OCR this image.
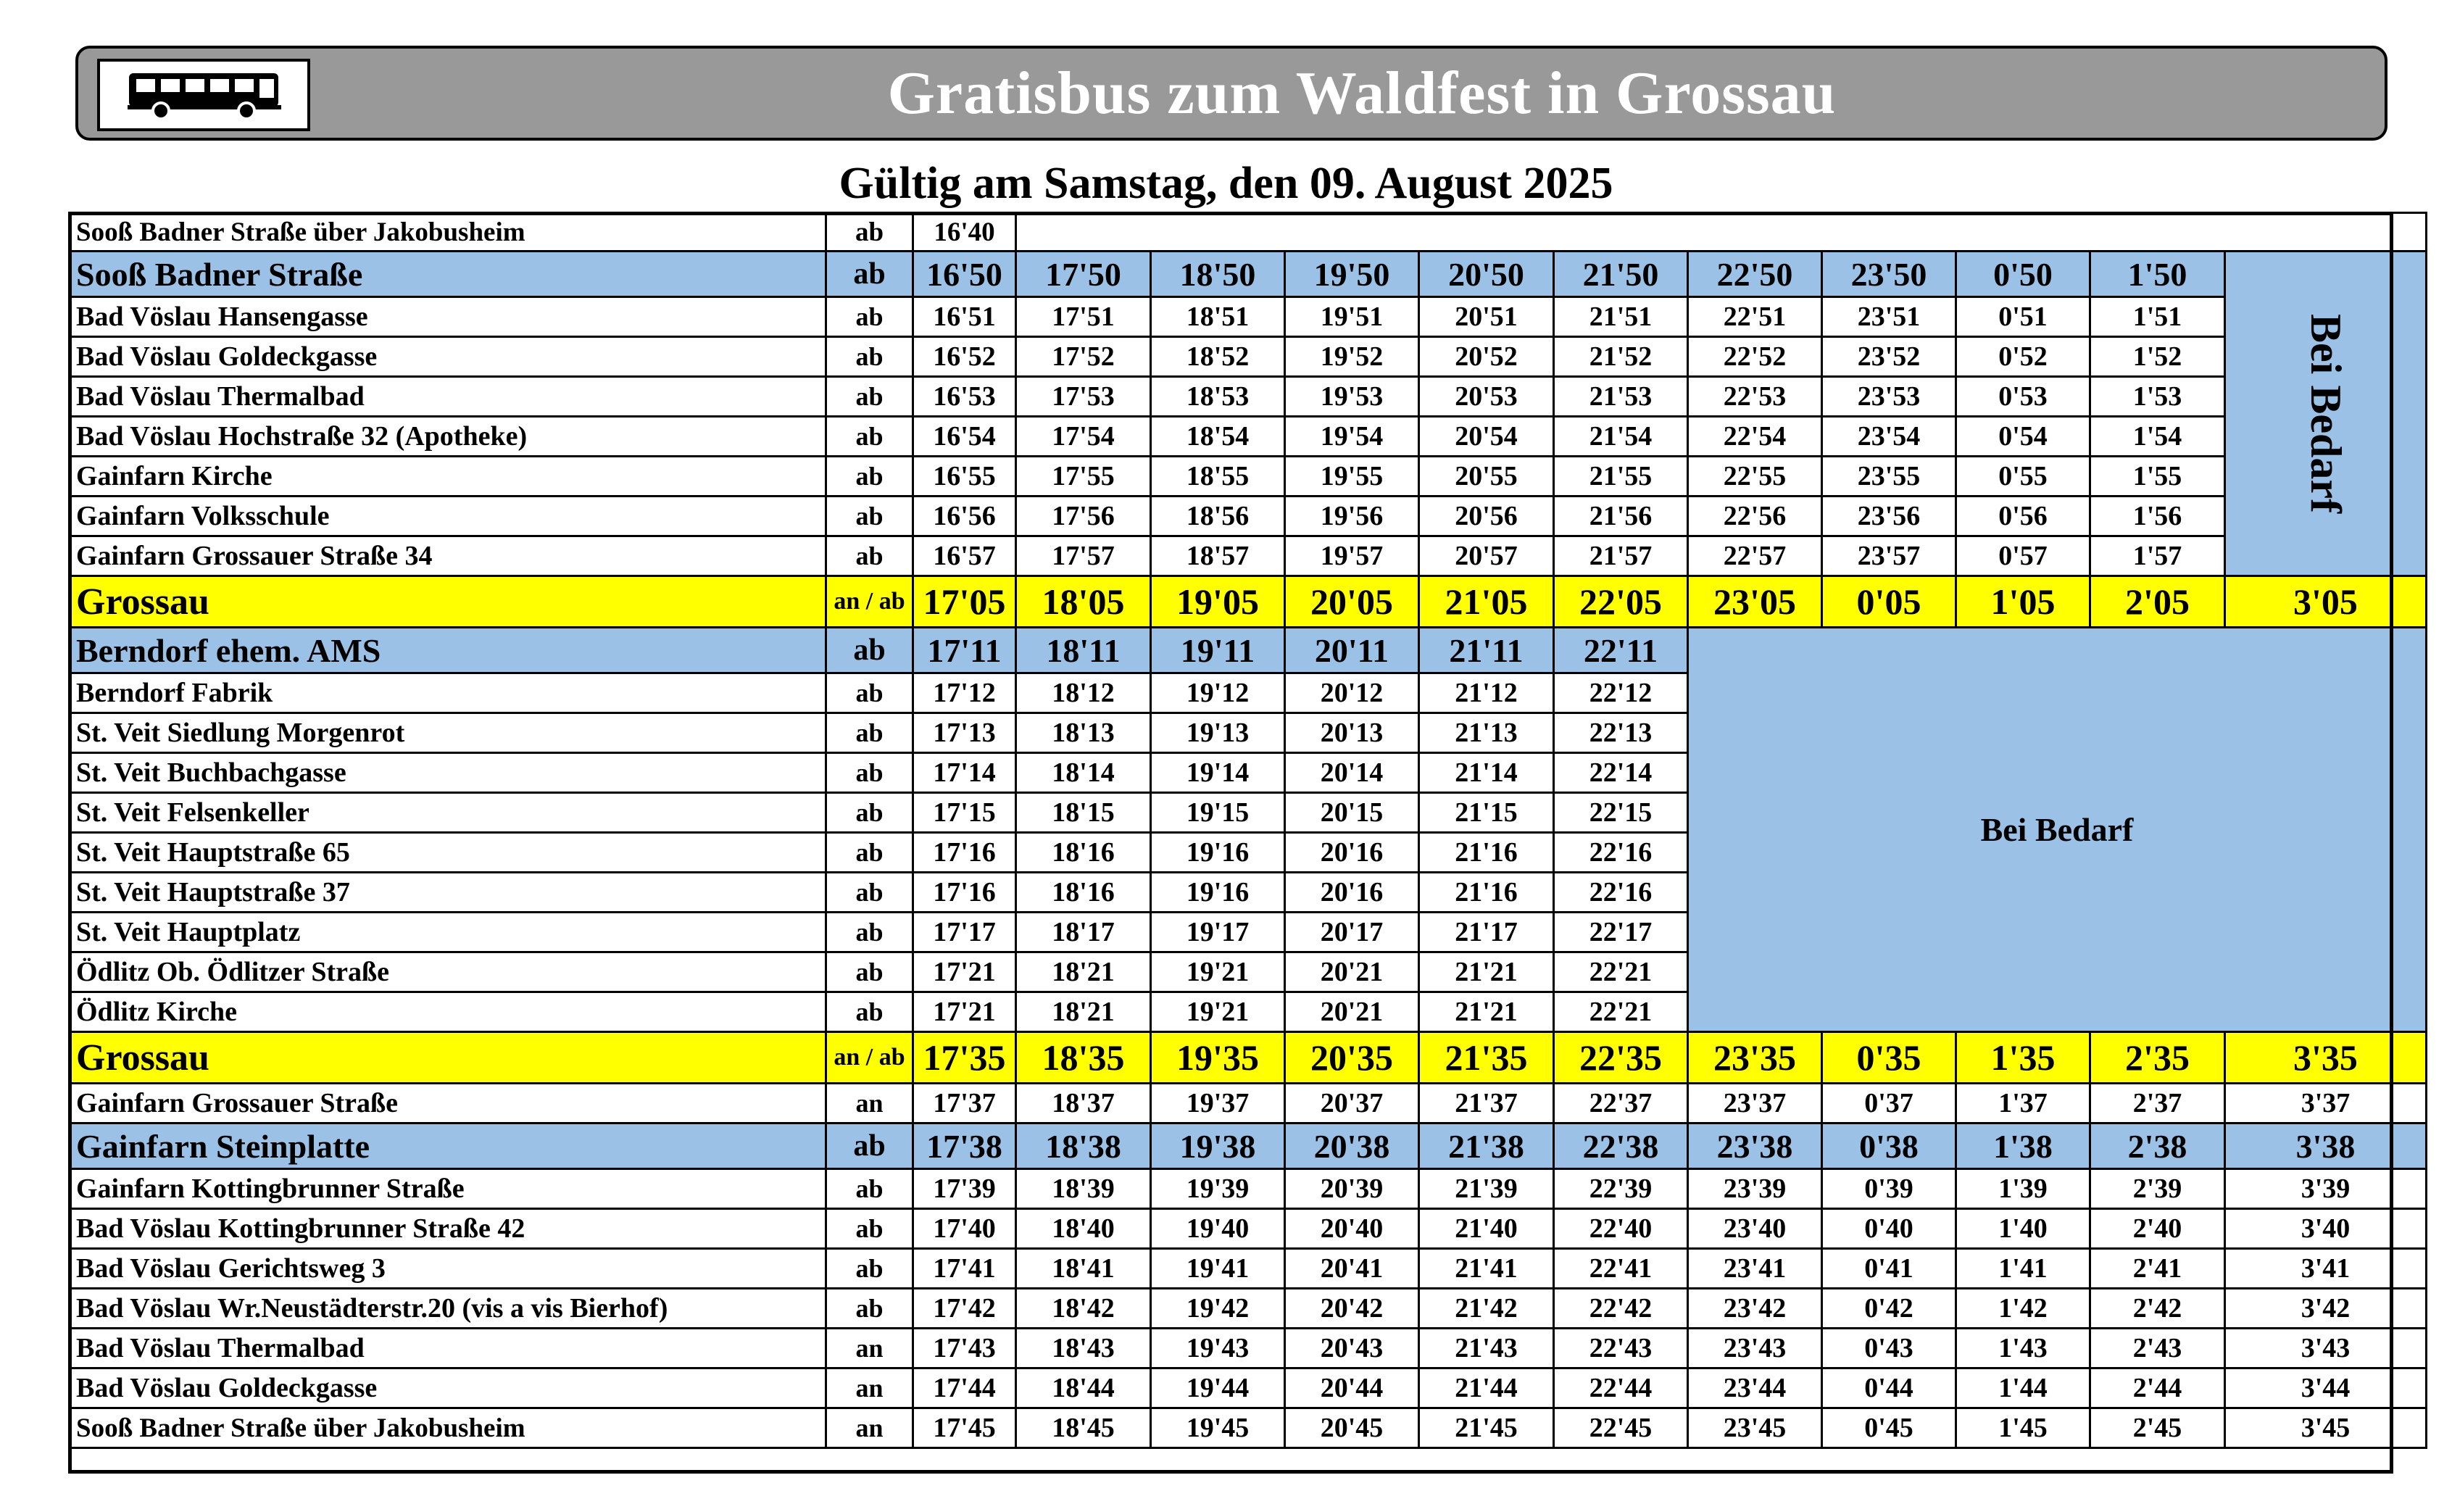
Gratisbus zum Waldfest in Grossau
Gültig am Samstag, den 09. August 2025
Sooß Badner Straße über Jakobusheim	ab	16'40										
Sooß Badner Straße	ab	16'50	17'50	18'50	19'50	20'50	21'50	22'50	23'50	0'50	1'50	Bei Bedarf

Bad Vöslau Hansengasse	ab	16'51	17'51	18'51	19'51	20'51	21'51	22'51	23'51	0'51	1'51	
Bad Vöslau Goldeckgasse	ab	16'52	17'52	18'52	19'52	20'52	21'52	22'52	23'52	0'52	1'52	
Bad Vöslau Thermalbad	ab	16'53	17'53	18'53	19'53	20'53	21'53	22'53	23'53	0'53	1'53	
Bad Vöslau Hochstraße 32 (Apotheke)	ab	16'54	17'54	18'54	19'54	20'54	21'54	22'54	23'54	0'54	1'54	
Gainfarn Kirche	ab	16'55	17'55	18'55	19'55	20'55	21'55	22'55	23'55	0'55	1'55	
Gainfarn Volksschule	ab	16'56	17'56	18'56	19'56	20'56	21'56	22'56	23'56	0'56	1'56	
Gainfarn Grossauer Straße 34	ab	16'57	17'57	18'57	19'57	20'57	21'57	22'57	23'57	0'57	1'57	
Grossau	an / ab	17'05	18'05	19'05	20'05	21'05	22'05	23'05	0'05	1'05	2'05	3'05
Berndorf ehem. AMS	ab	17'11	18'11	19'11	20'11	21'11	22'11	Bei Bedarf				
Berndorf Fabrik	ab	17'12	18'12	19'12	20'12	21'12	22'12					
St. Veit Siedlung Morgenrot	ab	17'13	18'13	19'13	20'13	21'13	22'13					
St. Veit Buchbachgasse	ab	17'14	18'14	19'14	20'14	21'14	22'14					
St. Veit Felsenkeller	ab	17'15	18'15	19'15	20'15	21'15	22'15					
St. Veit Hauptstraße 65	ab	17'16	18'16	19'16	20'16	21'16	22'16					
St. Veit Hauptstraße 37	ab	17'16	18'16	19'16	20'16	21'16	22'16					
St. Veit Hauptplatz	ab	17'17	18'17	19'17	20'17	21'17	22'17					
Ödlitz Ob. Ödlitzer Straße	ab	17'21	18'21	19'21	20'21	21'21	22'21					
Ödlitz Kirche	ab	17'21	18'21	19'21	20'21	21'21	22'21					
Grossau	an / ab	17'35	18'35	19'35	20'35	21'35	22'35	23'35	0'35	1'35	2'35	3'35
Gainfarn Grossauer Straße	an	17'37	18'37	19'37	20'37	21'37	22'37	23'37	0'37	1'37	2'37	3'37
Gainfarn Steinplatte	ab	17'38	18'38	19'38	20'38	21'38	22'38	23'38	0'38	1'38	2'38	3'38
Gainfarn Kottingbrunner Straße	ab	17'39	18'39	19'39	20'39	21'39	22'39	23'39	0'39	1'39	2'39	3'39
Bad Vöslau Kottingbrunner Straße 42	ab	17'40	18'40	19'40	20'40	21'40	22'40	23'40	0'40	1'40	2'40	3'40
Bad Vöslau Gerichtsweg 3	ab	17'41	18'41	19'41	20'41	21'41	22'41	23'41	0'41	1'41	2'41	3'41
Bad Vöslau Wr.Neustädterstr.20 (vis a vis Bierhof)	ab	17'42	18'42	19'42	20'42	21'42	22'42	23'42	0'42	1'42	2'42	3'42
Bad Vöslau Thermalbad	an	17'43	18'43	19'43	20'43	21'43	22'43	23'43	0'43	1'43	2'43	3'43
Bad Vöslau Goldeckgasse	an	17'44	18'44	19'44	20'44	21'44	22'44	23'44	0'44	1'44	2'44	3'44
Sooß Badner Straße über Jakobusheim	an	17'45	18'45	19'45	20'45	21'45	22'45	23'45	0'45	1'45	2'45	3'45
